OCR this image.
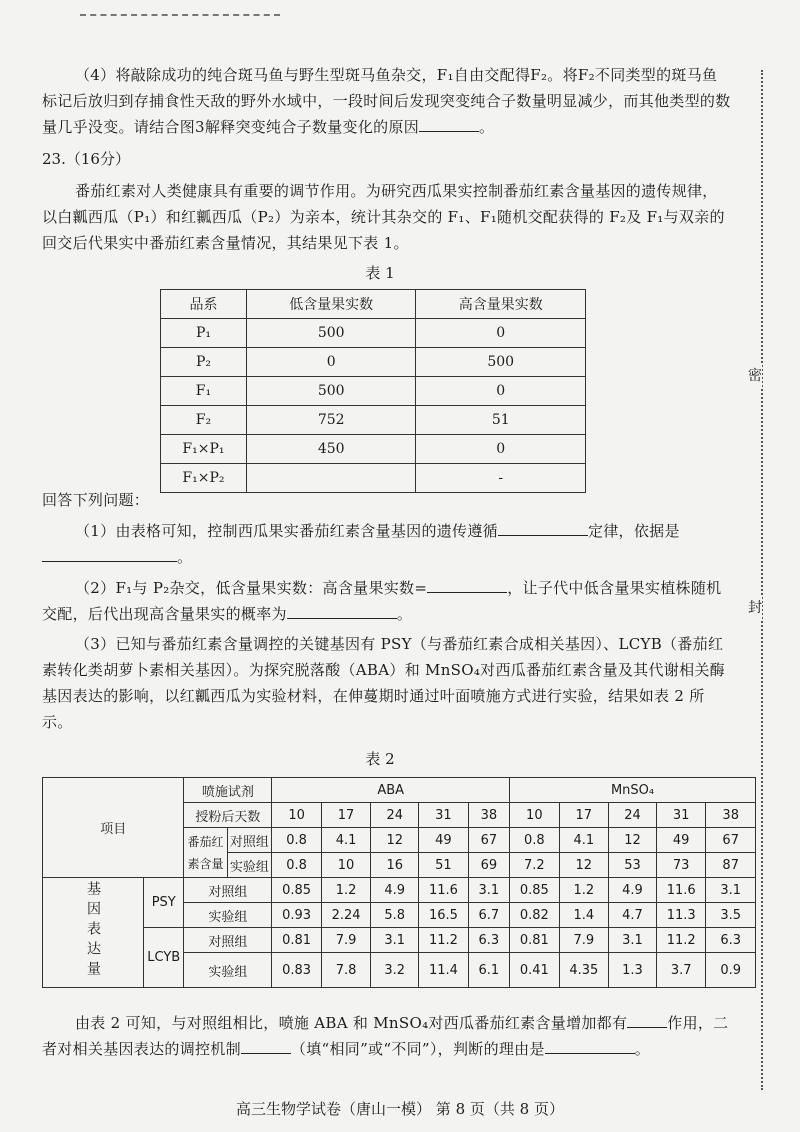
（4）将敲除成功的纯合斑马鱼与野生型斑马鱼杂交，F₁自由交配得F₂。将F₂不同类型的斑马鱼标记后放归到存捕食性天敌的野外水域中，一段时间后发现突变纯合子数量明显减少，而其他类型的数量几乎没变。请结合图3解释突变纯合子数量变化的原因	。
23.（16分）
番茄红素对人类健康具有重要的调节作用。为研究西瓜果实控制番茄红素含量基因的遗传规律，以白瓤西瓜（P₁）和红瓤西瓜（P₂）为亲本，统计其杂交的 F₁、F₁随机交配获得的 F₂及 F₁与双亲的回交后代果实中番茄红素含量情况，其结果见下表 1。
表 1
品系	低含量果实数	高含量果实数
P₁	500	0
P₂	0	500
F₁	500	0
F₂	752	51
F₁×P₁	450	0
F₁×P₂		-
回答下列问题：
（1）由表格可知，控制西瓜果实番茄红素含量基因的遗传遵循	定律，依据是。
（2）F₁与 P₂杂交，低含量果实数：高含量果实数=	，让子代中低含量果实植株随机交配，后代出现高含量果实的概率为	。
（3）已知与番茄红素含量调控的关键基因有 PSY（与番茄红素合成相关基因）、LCYB（番茄红素转化类胡萝卜素相关基因）。为探究脱落酸（ABA）和 MnSO₄对西瓜番茄红素含量及其代谢相关酶基因表达的影响，以红瓤西瓜为实验材料，在伸蔓期时通过叶面喷施方式进行实验，结果如表 2 所示。
表 2
项目		喷施试剂		ABA					MnSO₄				
		授粉后天数		10	17	24	31	38	10	17	24	31	38
		番茄红素含量	对照组	0.8	4.1	12	49	67	0.8	4.1	12	49	67
			实验组	0.8	10	16	51	69	7.2	12	53	73	87
基因表达量	PSY	对照组		0.85	1.2	4.9	11.6	3.1	0.85	1.2	4.9	11.6	3.1
		实验组		0.93	2.24	5.8	16.5	6.7	0.82	1.4	4.7	11.3	3.5
	LCYB	对照组		0.81	7.9	3.1	11.2	6.3	0.81	7.9	3.1	11.2	6.3
		实验组		0.83	7.8	3.2	11.4	6.1	0.41	4.35	1.3	3.7	0.9
由表 2 可知，与对照组相比，喷施 ABA 和 MnSO₄对西瓜番茄红素含量增加都有	作用，二者对相关基因表达的调控机制	（填“相同”或“不同”），判断的理由是	。
密
封
高三生物学试卷（唐山一模） 第 8 页（共 8 页）
